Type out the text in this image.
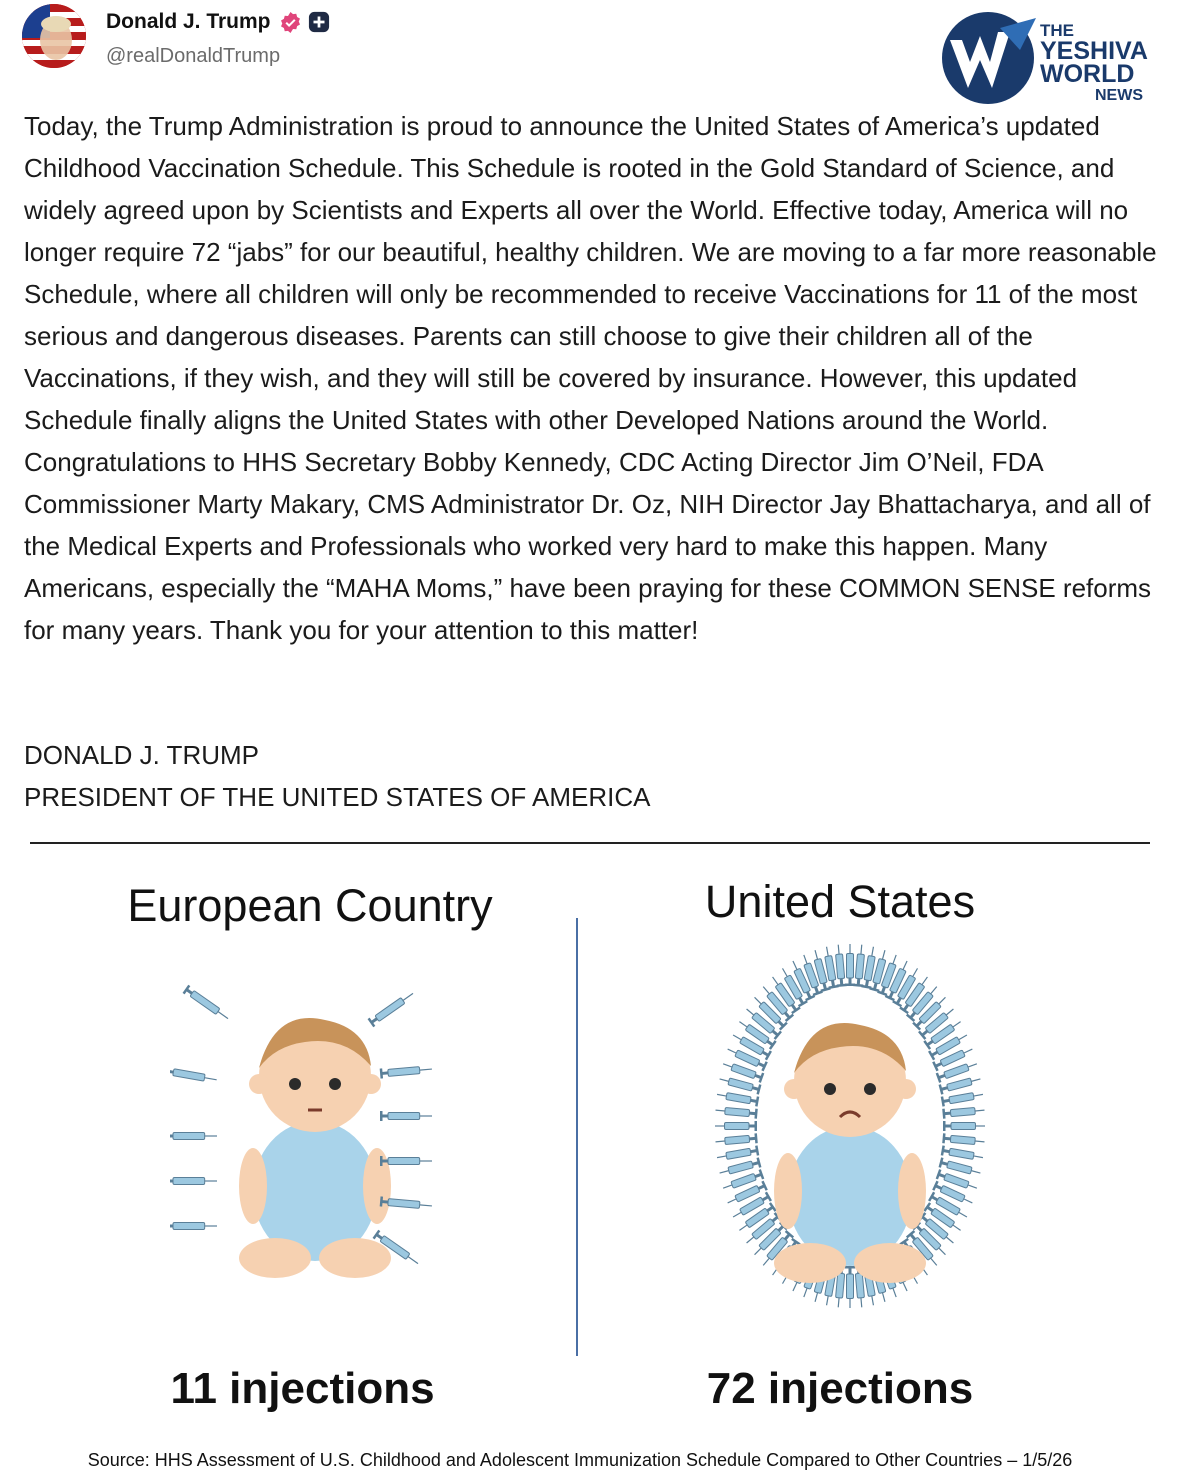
Donald J. Trump
@realDonaldTrump
THE
YESHIVA
WORLD
NEWS

Today, the Trump Administration is proud to announce the United States of America’s updated Childhood Vaccination Schedule. This Schedule is rooted in the Gold Standard of Science, and widely agreed upon by Scientists and Experts all over the World. Effective today, America will no longer require 72 “jabs” for our beautiful, healthy children. We are moving to a far more reasonable Schedule, where all children will only be recommended to receive Vaccinations for 11 of the most serious and dangerous diseases. Parents can still choose to give their children all of the Vaccinations, if they wish, and they will still be covered by insurance. However, this updated Schedule finally aligns the United States with other Developed Nations around the World. Congratulations to HHS Secretary Bobby Kennedy, CDC Acting Director Jim O’Neil, FDA Commissioner Marty Makary, CMS Administrator Dr. Oz, NIH Director Jay Bhattacharya, and all of the Medical Experts and Professionals who worked very hard to make this happen. Many Americans, especially the “MAHA Moms,” have been praying for these COMMON SENSE reforms for many years. Thank you for your attention to this matter!

DONALD J. TRUMP
PRESIDENT OF THE UNITED STATES OF AMERICA
European Country	United States
11 injections	72 injections
Source: HHS Assessment of U.S. Childhood and Adolescent Immunization Schedule Compared to Other Countries – 1/5/26
